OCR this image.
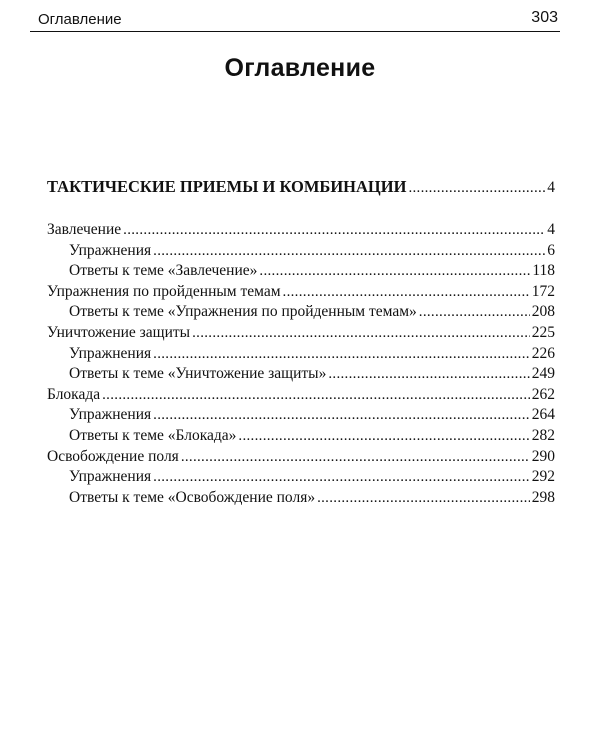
Оглавление	303
Оглавление
ТАКТИЧЕСКИЕ ПРИЕМЫ И КОМБИНАЦИИ .....	4
Завлечение .....	4
Упражнения .....	6
Ответы к теме «Завлечение» .....	118
Упражнения по пройденным темам .....	172
Ответы к теме «Упражнения по пройденным темам» .....	208
Уничтожение защиты .....	225
Упражнения .....	226
Ответы к теме «Уничтожение защиты» .....	249
Блокада .....	262
Упражнения .....	264
Ответы к теме «Блокада» .....	282
Освобождение поля .....	290
Упражнения .....	292
Ответы к теме «Освобождение поля» .....	298
